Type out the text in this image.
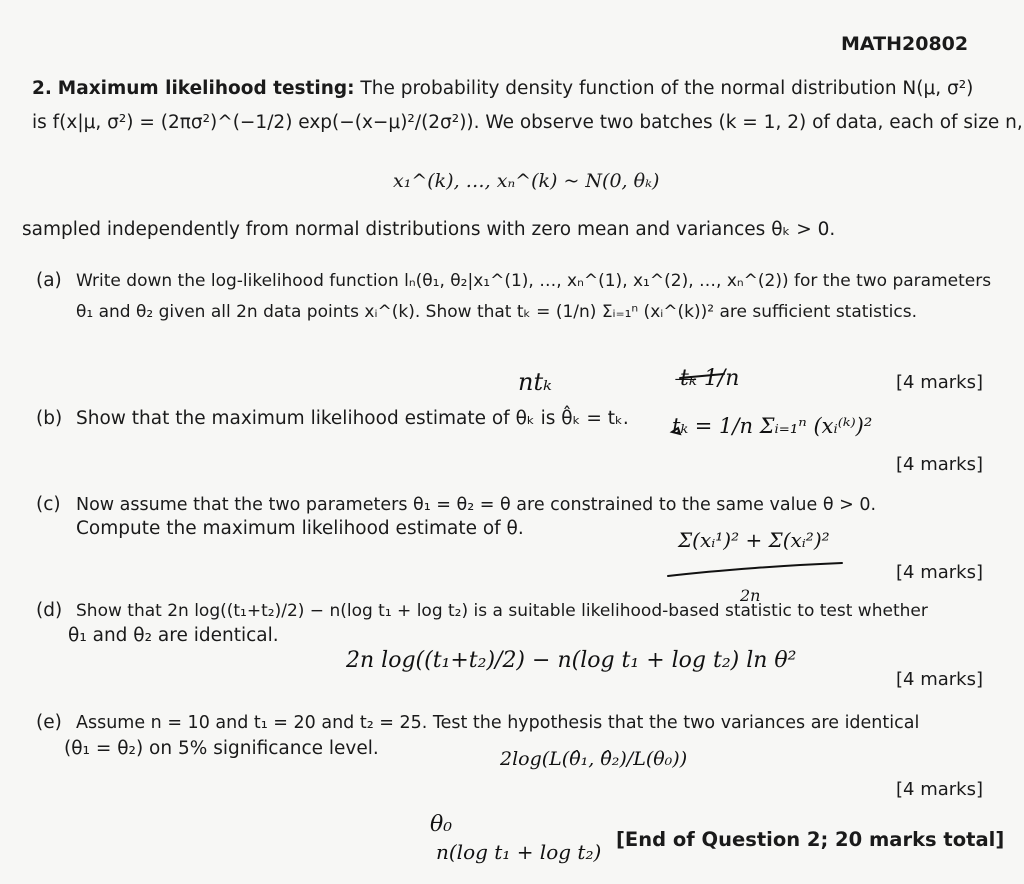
MATH20802
2. Maximum likelihood testing: The probability density function of the normal distribution N(μ, σ²)
is f(x|μ, σ²) = (2πσ²)^(−1/2) exp(−(x−μ)²/(2σ²)). We observe two batches (k = 1, 2) of data, each of size n,
x₁^(k), …, xₙ^(k) ~ N(0, θₖ)
sampled independently from normal distributions with zero mean and variances θₖ > 0.
(a) Write down the log-likelihood function lₙ(θ₁, θ₂|x₁^(1), …, xₙ^(1), x₁^(2), …, xₙ^(2)) for the two parameters
θ₁ and θ₂ given all 2n data points xᵢ^(k). Show that tₖ = (1/n) Σᵢ₌₁ⁿ (xᵢ^(k))² are sufficient statistics.
[4 marks]
(b) Show that the maximum likelihood estimate of θₖ is θ̂ₖ = tₖ.
[4 marks]
(c) Now assume that the two parameters θ₁ = θ₂ = θ are constrained to the same value θ > 0.
Compute the maximum likelihood estimate of θ.
[4 marks]
(d) Show that 2n log((t₁+t₂)/2) − n(log t₁ + log t₂) is a suitable likelihood-based statistic to test whether
θ₁ and θ₂ are identical.
[4 marks]
(e) Assume n = 10 and t₁ = 20 and t₂ = 25. Test the hypothesis that the two variances are identical
(θ₁ = θ₂) on 5% significance level.
[4 marks]
[End of Question 2; 20 marks total]
ntₖ	t̶ₖ̶ 1/n
tₖ = 1/n Σᵢ₌₁ⁿ (xᵢ⁽ᵏ⁾)²
Σ(xᵢ¹)² + Σ(xᵢ²)²
2n
2n log((t₁+t₂)/2) − n(log t₁ + log t₂) ln θ²
2log(L(θ̂₁, θ̂₂)/L(θ₀))
θ₀
n(log t₁ + log t₂)
